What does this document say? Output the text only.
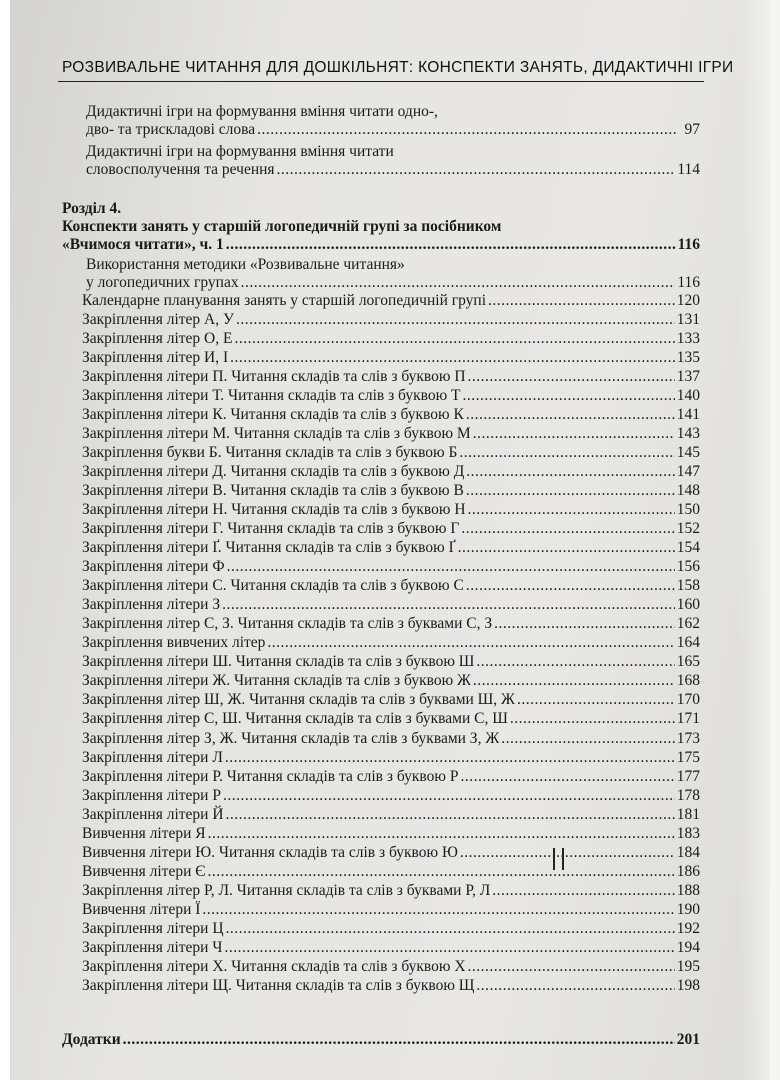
РОЗВИВАЛЬНЕ ЧИТАННЯ ДЛЯ ДОШКІЛЬНЯТ: КОНСПЕКТИ ЗАНЯТЬ, ДИДАКТИЧНІ ІГРИ
Дидактичні ігри на формування вміння читати одно-,
дво- та трискладові слова .....	97
Дидактичні ігри на формування вміння читати
словосполучення та речення .....	114
Розділ 4.
Конспекти занять у старшій логопедичній групі за посібником
«Вчимося читати», ч. 1 .....	116
Використання методики «Розвивальне читання»
у логопедичних групах .....	116
Календарне планування занять у старшій логопедичній групі .....	120
Закріплення літер А, У .....	131
Закріплення літер О, Е .....	133
Закріплення літер И, І .....	135
Закріплення літери П. Читання складів та слів з буквою П .....	137
Закріплення літери Т. Читання складів та слів з буквою Т .....	140
Закріплення літери К. Читання складів та слів з буквою К .....	141
Закріплення літери М. Читання складів та слів з буквою М .....	143
Закріплення букви Б. Читання складів та слів з буквою Б .....	145
Закріплення літери Д. Читання складів та слів з буквою Д .....	147
Закріплення літери В. Читання складів та слів з буквою В .....	148
Закріплення літери Н. Читання складів та слів з буквою Н .....	150
Закріплення літери Г. Читання складів та слів з буквою Г .....	152
Закріплення літери Ґ. Читання складів та слів з буквою Ґ .....	154
Закріплення літери Ф .....	156
Закріплення літери С. Читання складів та слів з буквою С .....	158
Закріплення літери З .....	160
Закріплення літер С, З. Читання складів та слів з буквами С, З .....	162
Закріплення вивчених літер .....	164
Закріплення літери Ш. Читання складів та слів з буквою Ш .....	165
Закріплення літери Ж. Читання складів та слів з буквою Ж .....	168
Закріплення літер Ш, Ж. Читання складів та слів з буквами Ш, Ж .....	170
Закріплення літер С, Ш. Читання складів та слів з буквами С, Ш .....	171
Закріплення літер З, Ж. Читання складів та слів з буквами З, Ж .....	173
Закріплення літери Л .....	175
Закріплення літери Р. Читання складів та слів з буквою Р .....	177
Закріплення літери Р .....	178
Закріплення літери Й .....	181
Вивчення літери Я .....	183
Вивчення літери Ю. Читання складів та слів з буквою Ю .....	184
Вивчення літери Є .....	186
Закріплення літер Р, Л. Читання складів та слів з буквами Р, Л .....	188
Вивчення літери Ї .....	190
Закріплення літери Ц .....	192
Закріплення літери Ч .....	194
Закріплення літери Х. Читання складів та слів з буквою Х .....	195
Закріплення літери Щ. Читання складів та слів з буквою Щ .....	198
Додатки .....	201
